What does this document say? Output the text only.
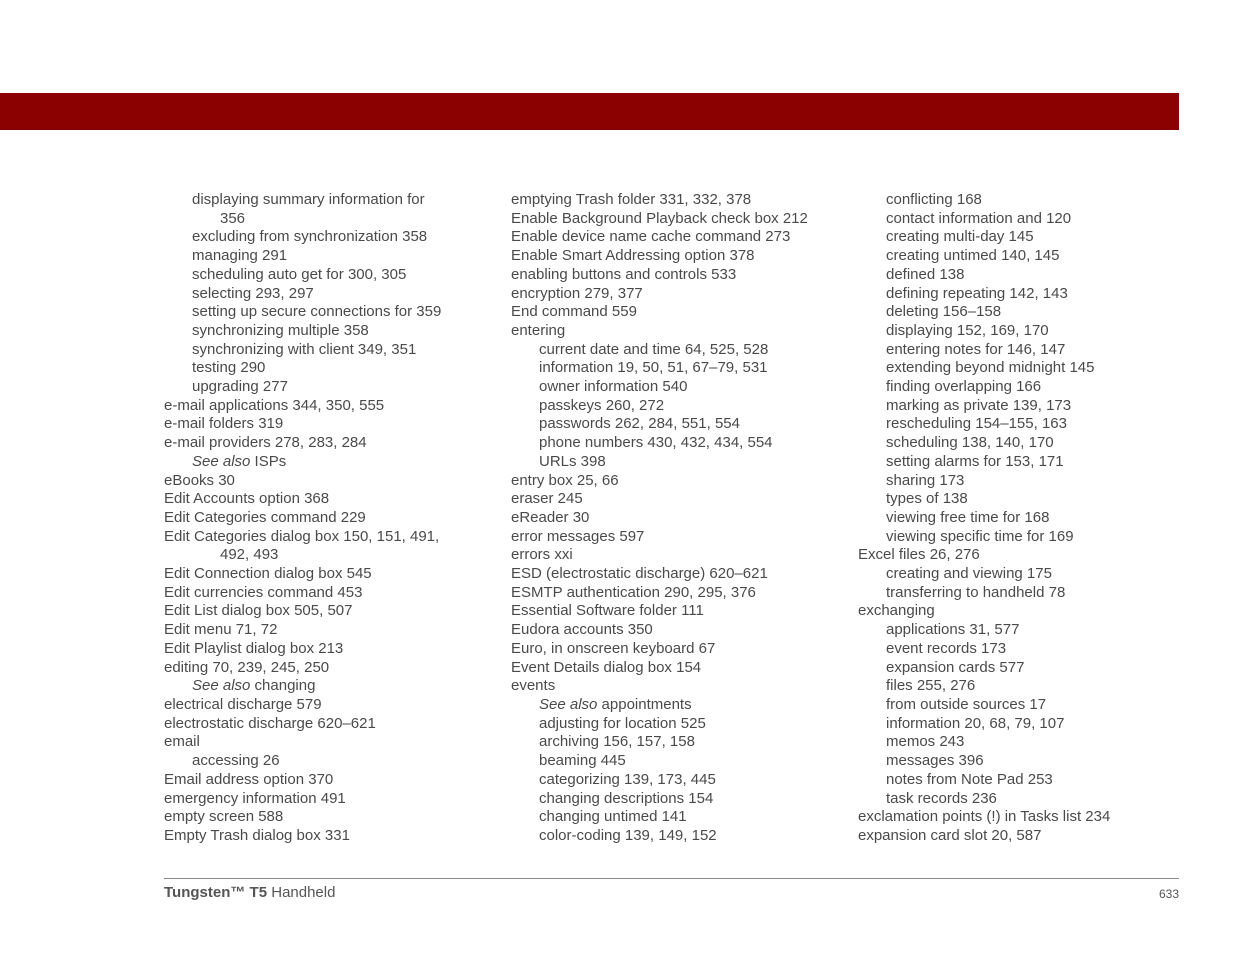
displaying summary information for
356
excluding from synchronization 358
managing 291
scheduling auto get for 300, 305
selecting 293, 297
setting up secure connections for 359
synchronizing multiple 358
synchronizing with client 349, 351
testing 290
upgrading 277
e-mail applications 344, 350, 555
e-mail folders 319
e-mail providers 278, 283, 284
See also ISPs
eBooks 30
Edit Accounts option 368
Edit Categories command 229
Edit Categories dialog box 150, 151, 491,
492, 493
Edit Connection dialog box 545
Edit currencies command 453
Edit List dialog box 505, 507
Edit menu 71, 72
Edit Playlist dialog box 213
editing 70, 239, 245, 250
See also changing
electrical discharge 579
electrostatic discharge 620–621
email
accessing 26
Email address option 370
emergency information 491
empty screen 588
Empty Trash dialog box 331
emptying Trash folder 331, 332, 378
Enable Background Playback check box 212
Enable device name cache command 273
Enable Smart Addressing option 378
enabling buttons and controls 533
encryption 279, 377
End command 559
entering
current date and time 64, 525, 528
information 19, 50, 51, 67–79, 531
owner information 540
passkeys 260, 272
passwords 262, 284, 551, 554
phone numbers 430, 432, 434, 554
URLs 398
entry box 25, 66
eraser 245
eReader 30
error messages 597
errors xxi
ESD (electrostatic discharge) 620–621
ESMTP authentication 290, 295, 376
Essential Software folder 111
Eudora accounts 350
Euro, in onscreen keyboard 67
Event Details dialog box 154
events
See also appointments
adjusting for location 525
archiving 156, 157, 158
beaming 445
categorizing 139, 173, 445
changing descriptions 154
changing untimed 141
color-coding 139, 149, 152
conflicting 168
contact information and 120
creating multi-day 145
creating untimed 140, 145
defined 138
defining repeating 142, 143
deleting 156–158
displaying 152, 169, 170
entering notes for 146, 147
extending beyond midnight 145
finding overlapping 166
marking as private 139, 173
rescheduling 154–155, 163
scheduling 138, 140, 170
setting alarms for 153, 171
sharing 173
types of 138
viewing free time for 168
viewing specific time for 169
Excel files 26, 276
creating and viewing 175
transferring to handheld 78
exchanging
applications 31, 577
event records 173
expansion cards 577
files 255, 276
from outside sources 17
information 20, 68, 79, 107
memos 243
messages 396
notes from Note Pad 253
task records 236
exclamation points (!) in Tasks list 234
expansion card slot 20, 587
Tungsten™ T5 Handheld	633
